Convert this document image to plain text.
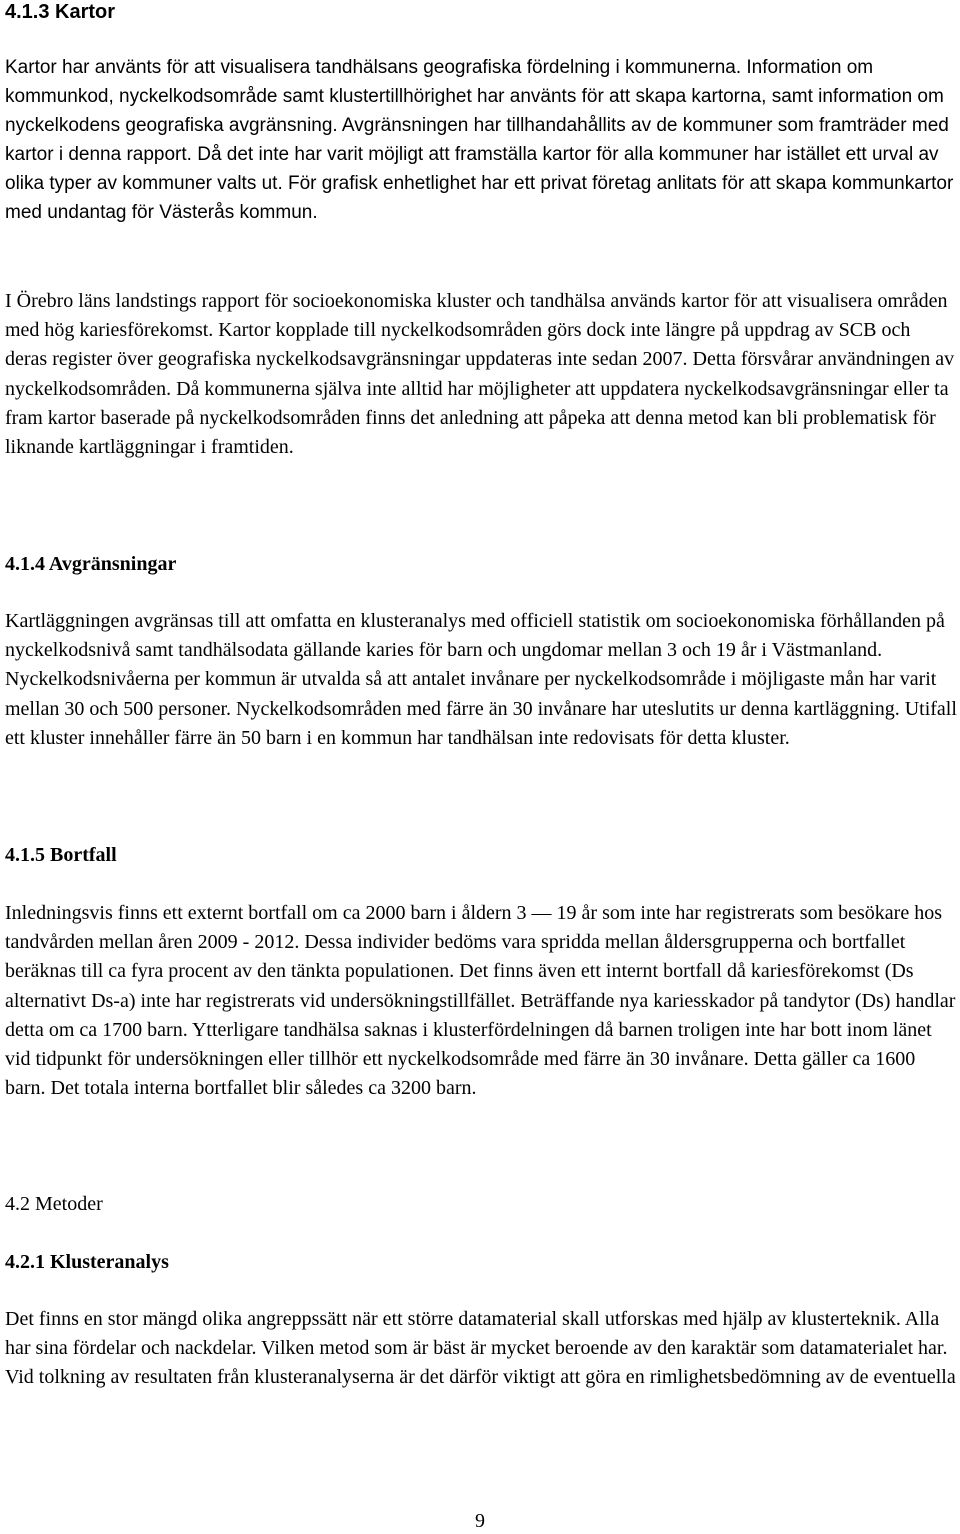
4.1.3 Kartor

Kartor har använts för att visualisera tandhälsans geografiska fördelning i kommunerna. Information om kommunkod, nyckelkodsområde samt klustertillhörighet har använts för att skapa kartorna, samt information om nyckelkodens geografiska avgränsning. Avgränsningen har tillhandahållits av de kommuner som framträder med kartor i denna rapport. Då det inte har varit möjligt att framställa kartor för alla kommuner har istället ett urval av olika typer av kommuner valts ut. För grafisk enhetlighet har ett privat företag anlitats för att skapa kommunkartor med undantag för Västerås kommun.

I Örebro läns landstings rapport för socioekonomiska kluster och tandhälsa används kartor för att visualisera områden med hög kariesförekomst. Kartor kopplade till nyckelkodsområden görs dock inte längre på uppdrag av SCB och deras register över geografiska nyckelkodsavgränsningar uppdateras inte sedan 2007. Detta försvårar användningen av nyckelkodsområden. Då kommunerna själva inte alltid har möjligheter att uppdatera nyckelkodsavgränsningar eller ta fram kartor baserade på nyckelkodsområden finns det anledning att påpeka att denna metod kan bli problematisk för liknande kartläggningar i framtiden.

4.1.4 Avgränsningar

Kartläggningen avgränsas till att omfatta en klusteranalys med officiell statistik om socioekonomiska förhållanden på nyckelkodsnivå samt tandhälsodata gällande karies för barn och ungdomar mellan 3 och 19 år i Västmanland. Nyckelkodsnivåerna per kommun är utvalda så att antalet invånare per nyckelkodsområde i möjligaste mån har varit mellan 30 och 500 personer. Nyckelkodsområden med färre än 30 invånare har uteslutits ur denna kartläggning. Utifall ett kluster innehåller färre än 50 barn i en kommun har tandhälsan inte redovisats för detta kluster.

4.1.5 Bortfall

Inledningsvis finns ett externt bortfall om ca 2000 barn i åldern 3 — 19 år som inte har registrerats som besökare hos tandvården mellan åren 2009 - 2012. Dessa individer bedöms vara spridda mellan åldersgrupperna och bortfallet beräknas till ca fyra procent av den tänkta populationen. Det finns även ett internt bortfall då kariesförekomst (Ds alternativt Ds-a) inte har registrerats vid undersökningstillfället. Beträffande nya kariesskador på tandytor (Ds) handlar detta om ca 1700 barn. Ytterligare tandhälsa saknas i klusterfördelningen då barnen troligen inte har bott inom länet vid tidpunkt för undersökningen eller tillhör ett nyckelkodsområde med färre än 30 invånare. Detta gäller ca 1600 barn. Det totala interna bortfallet blir således ca 3200 barn.

4.2 Metoder
4.2.1 Klusteranalys

Det finns en stor mängd olika angreppssätt när ett större datamaterial skall utforskas med hjälp av klusterteknik. Alla har sina fördelar och nackdelar. Vilken metod som är bäst är mycket beroende av den karaktär som datamaterialet har. Vid tolkning av resultaten från klusteranalyserna är det därför viktigt att göra en rimlighetsbedömning av de eventuella

9
